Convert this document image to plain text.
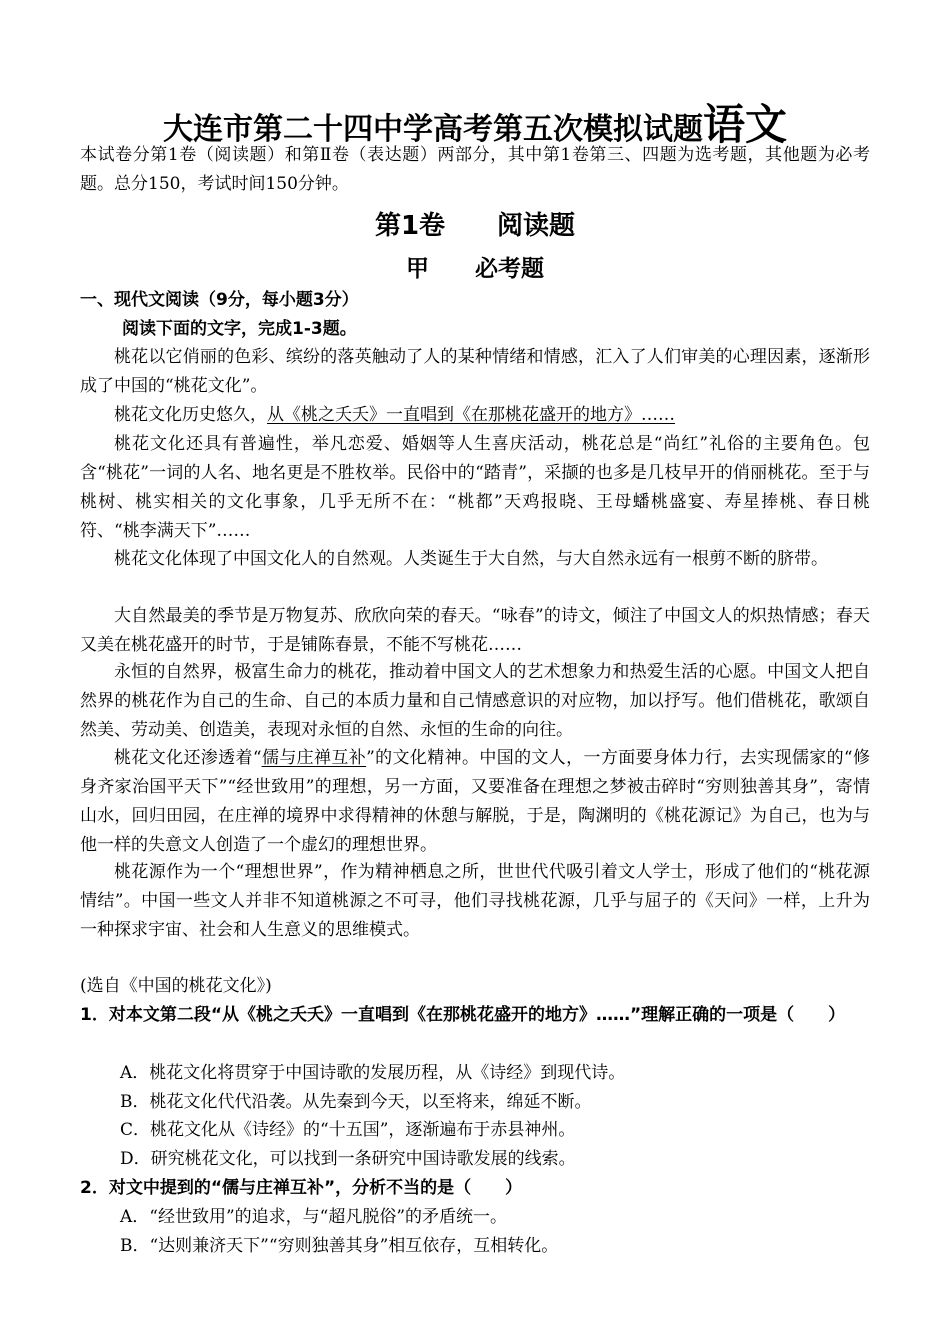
大连市第二十四中学高考第五次模拟试题语文
本试卷分第1卷（阅读题）和第Ⅱ卷（表达题）两部分，其中第1卷第三、四题为选考题，其他题为必考题。总分150，考试时间150分钟。
第1卷　　阅读题
甲　　必考题
一、现代文阅读（9分，每小题3分）
阅读下面的文字，完成1-3题。
桃花以它俏丽的色彩、缤纷的落英触动了人的某种情绪和情感，汇入了人们审美的心理因素，逐渐形成了中国的“桃花文化”。
桃花文化历史悠久，从《桃之夭夭》一直唱到《在那桃花盛开的地方》……
桃花文化还具有普遍性，举凡恋爱、婚姻等人生喜庆活动，桃花总是“尚红”礼俗的主要角色。包含“桃花”一词的人名、地名更是不胜枚举。民俗中的“踏青”，采撷的也多是几枝早开的俏丽桃花。至于与桃树、桃实相关的文化事象，几乎无所不在：“桃都”天鸡报晓、王母蟠桃盛宴、寿星捧桃、春日桃符、“桃李满天下”……
桃花文化体现了中国文化人的自然观。人类诞生于大自然，与大自然永远有一根剪不断的脐带。
大自然最美的季节是万物复苏、欣欣向荣的春天。“咏春”的诗文，倾注了中国文人的炽热情感；春天又美在桃花盛开的时节，于是铺陈春景，不能不写桃花……
永恒的自然界，极富生命力的桃花，推动着中国文人的艺术想象力和热爱生活的心愿。中国文人把自然界的桃花作为自己的生命、自己的本质力量和自己情感意识的对应物，加以抒写。他们借桃花，歌颂自然美、劳动美、创造美，表现对永恒的自然、永恒的生命的向往。
桃花文化还渗透着“儒与庄禅互补”的文化精神。中国的文人，一方面要身体力行，去实现儒家的“修身齐家治国平天下”“经世致用”的理想，另一方面，又要准备在理想之梦被击碎时“穷则独善其身”，寄情山水，回归田园，在庄禅的境界中求得精神的休憩与解脱，于是，陶渊明的《桃花源记》为自己，也为与他一样的失意文人创造了一个虚幻的理想世界。
桃花源作为一个“理想世界”，作为精神栖息之所，世世代代吸引着文人学士，形成了他们的“桃花源情结”。中国一些文人并非不知道桃源之不可寻，他们寻找桃花源，几乎与屈子的《天问》一样，上升为一种探求宇宙、社会和人生意义的思维模式。
(选自《中国的桃花文化》)
1．对本文第二段“从《桃之夭夭》一直唱到《在那桃花盛开的地方》……”理解正确的一项是（　　）
A．桃花文化将贯穿于中国诗歌的发展历程，从《诗经》到现代诗。
B．桃花文化代代沿袭。从先秦到今天，以至将来，绵延不断。
C．桃花文化从《诗经》的“十五国”，逐渐遍布于赤县神州。
D．研究桃花文化，可以找到一条研究中国诗歌发展的线索。
2．对文中提到的“儒与庄禅互补”，分析不当的是（　　）
A．“经世致用”的追求，与“超凡脱俗”的矛盾统一。
B．“达则兼济天下”“穷则独善其身”相互依存，互相转化。
